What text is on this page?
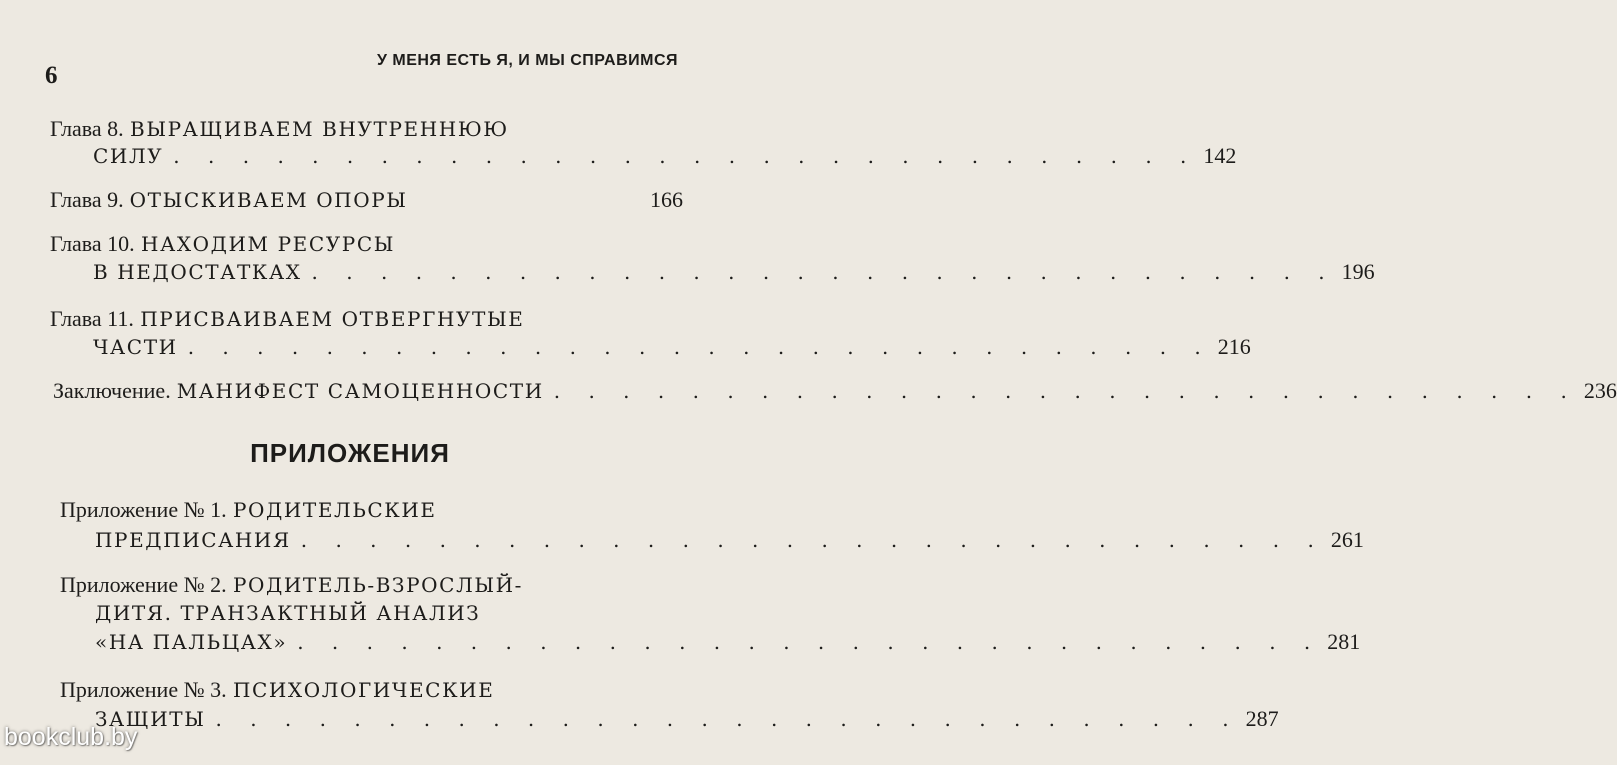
6
У МЕНЯ ЕСТЬ Я, И МЫ СПРАВИМСЯ
Глава 8. ВЫРАЩИВАЕМ ВНУТРЕННЮЮ
СИЛУ . . . . . . . . . . . . . . . . . . . . . . . . . . . . . . 142
Глава 9. ОТЫСКИВАЕМ ОПОРЫ	166
Глава 10. НАХОДИМ РЕСУРСЫ
В НЕДОСТАТКАХ . . . . . . . . . . . . . . . . . . . . . . . . . . . . . . 196
Глава 11. ПРИСВАИВАЕМ ОТВЕРГНУТЫЕ
ЧАСТИ . . . . . . . . . . . . . . . . . . . . . . . . . . . . . . 216
Заключение. МАНИФЕСТ САМОЦЕННОСТИ . . . . . . . . . . . . . . . . . . . . . . . . . . . . . . 236
ПРИЛОЖЕНИЯ
Приложение № 1. РОДИТЕЛЬСКИЕ
ПРЕДПИСАНИЯ . . . . . . . . . . . . . . . . . . . . . . . . . . . . . . 261
Приложение № 2. РОДИТЕЛЬ-ВЗРОСЛЫЙ-
ДИТЯ. ТРАНЗАКТНЫЙ АНАЛИЗ
«НА ПАЛЬЦАХ» . . . . . . . . . . . . . . . . . . . . . . . . . . . . . . 281
Приложение № 3. ПСИХОЛОГИЧЕСКИЕ
ЗАЩИТЫ . . . . . . . . . . . . . . . . . . . . . . . . . . . . . . 287
bookclub.by
